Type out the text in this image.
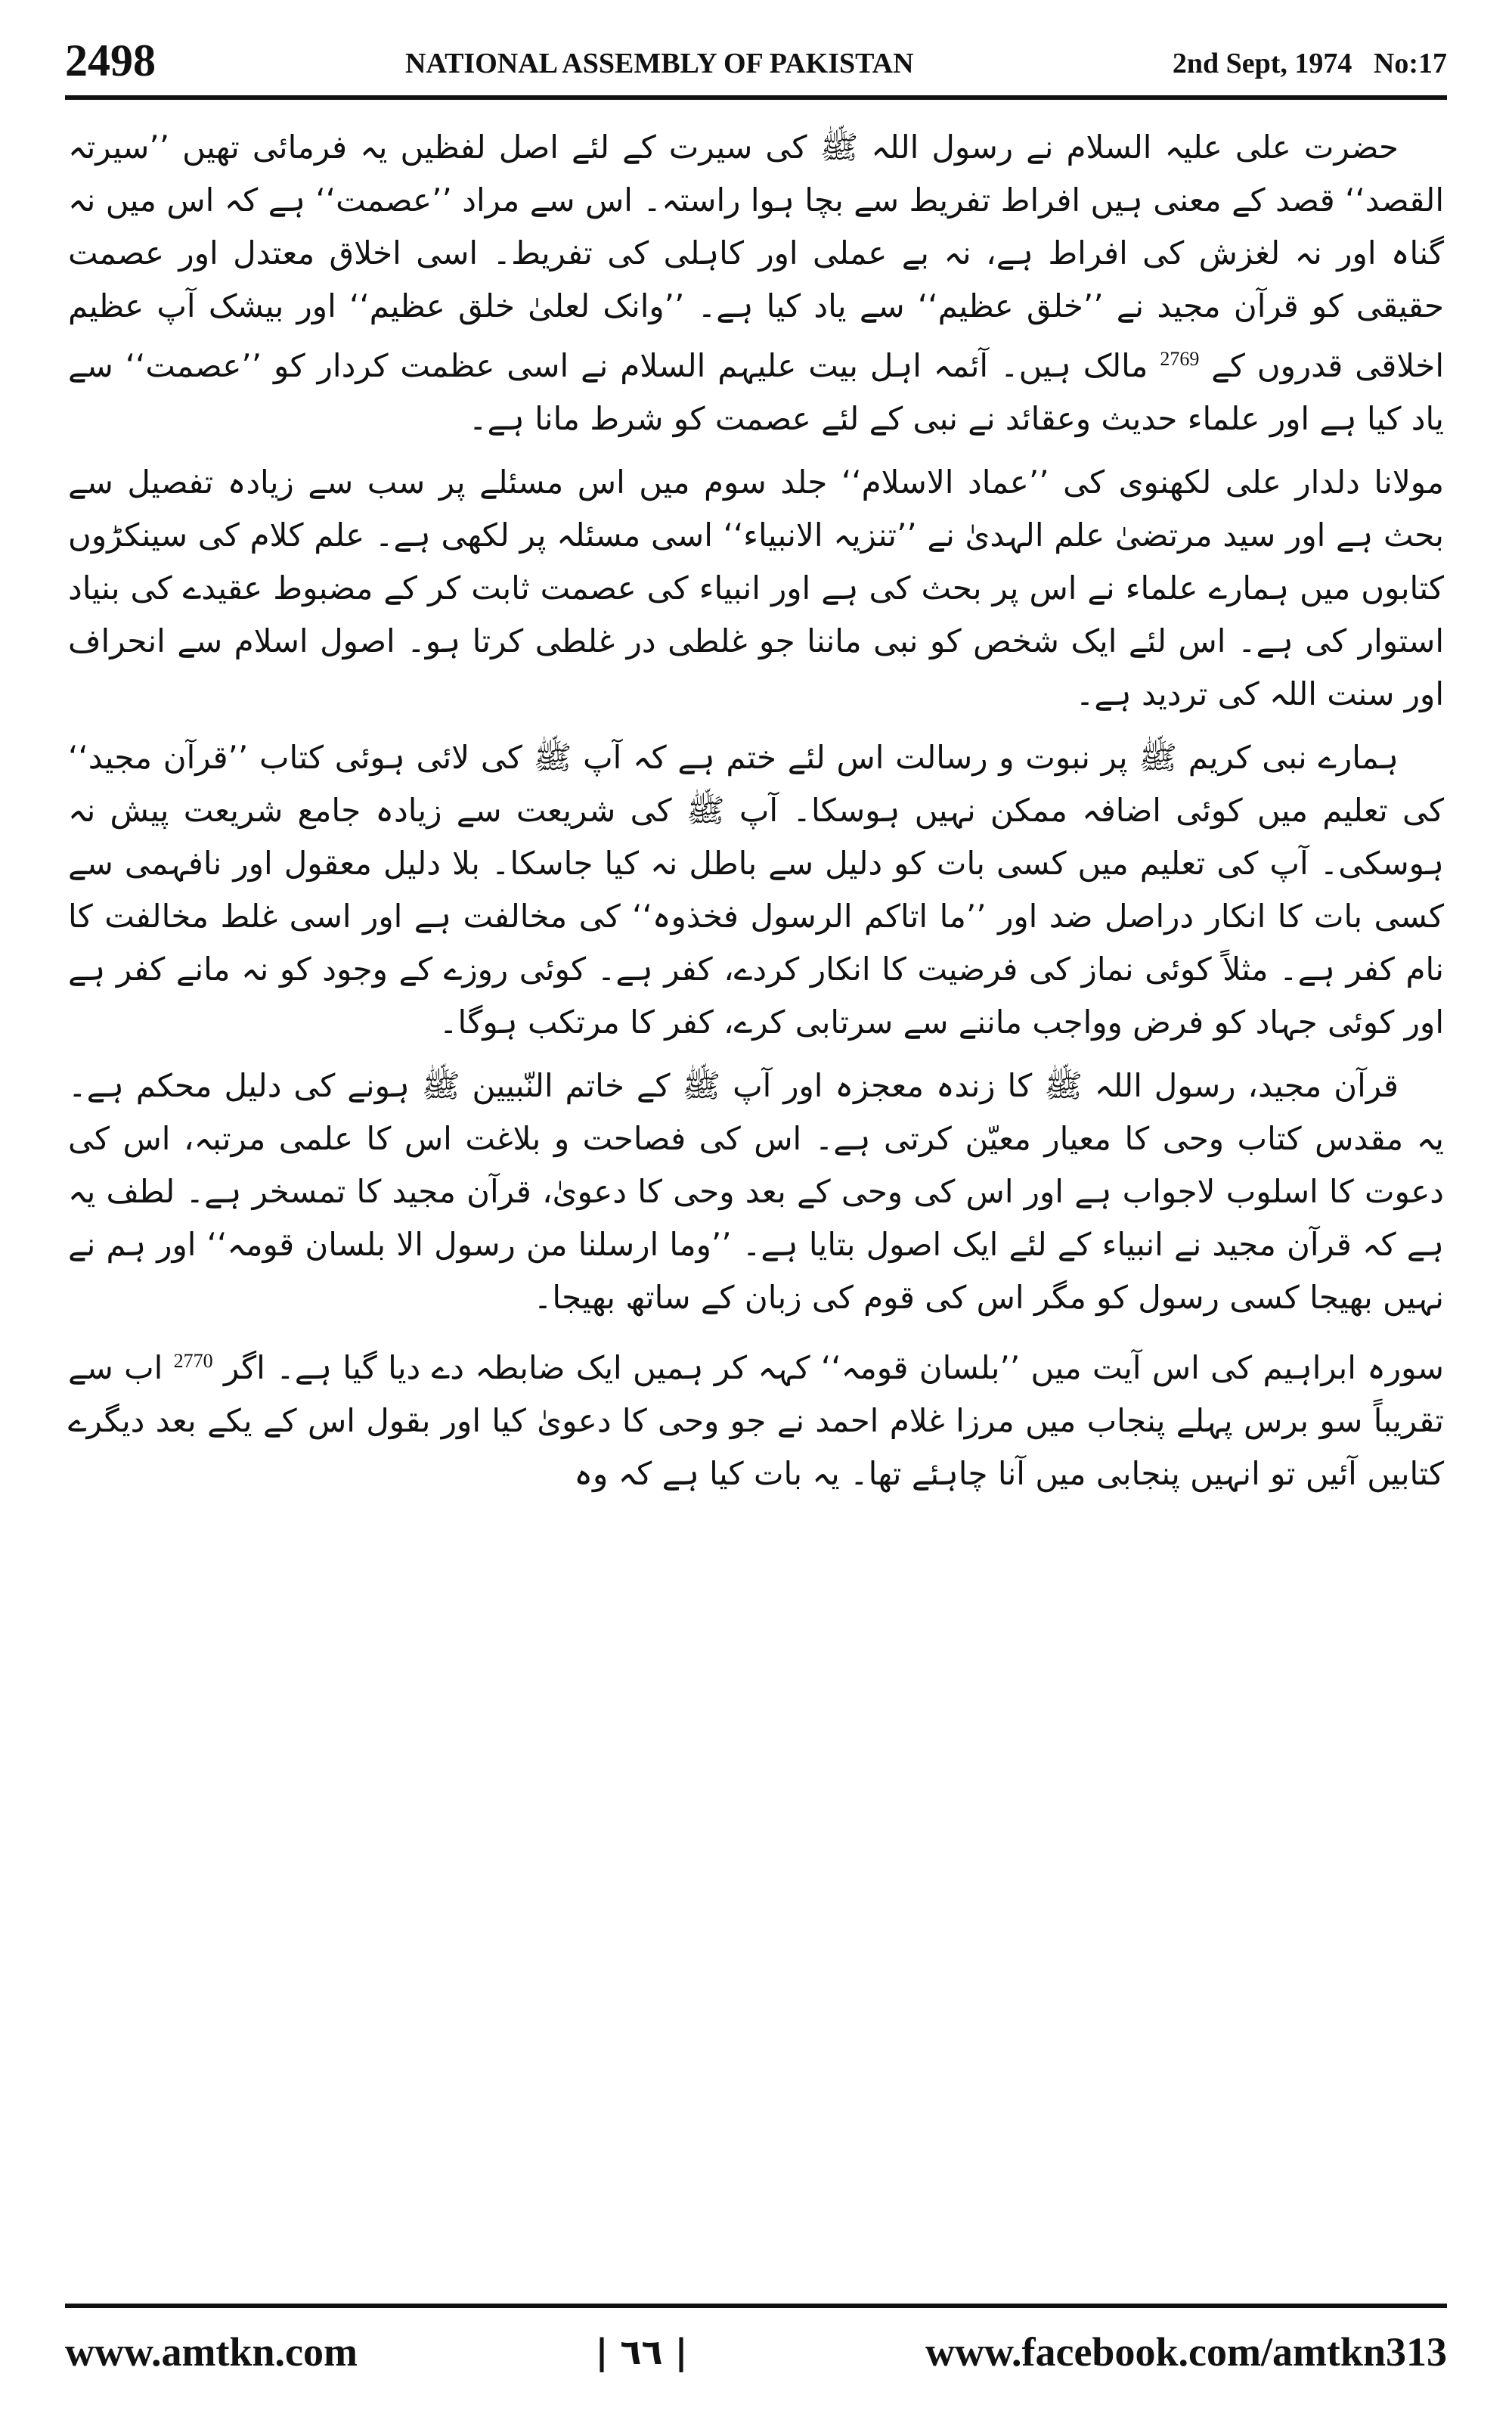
2498	NATIONAL ASSEMBLY OF PAKISTAN	2nd Sept, 1974 No:17

حضرت علی علیہ السلام نے رسول اللہ ﷺ کی سیرت کے لئے اصل لفظیں یہ فرمائی تھیں ’’سیرتہ القصد‘‘ قصد کے معنی ہیں افراط تفریط سے بچا ہوا راستہ۔ اس سے مراد ’’عصمت‘‘ ہے کہ اس میں نہ گناہ اور نہ لغزش کی افراط ہے، نہ بے عملی اور کاہلی کی تفریط۔ اسی اخلاق معتدل اور عصمت حقیقی کو قرآن مجید نے ’’خلق عظیم‘‘ سے یاد کیا ہے۔ ’’وانک لعلیٰ خلق عظیم‘‘ اور بیشک آپ عظیم اخلاقی قدروں کے $^{2769}$ مالک ہیں۔ آئمہ اہل بیت علیہم السلام نے اسی عظمت کردار کو ’’عصمت‘‘ سے یاد کیا ہے اور علماء حدیث وعقائد نے نبی کے لئے عصمت کو شرط مانا ہے۔

مولانا دلدار علی لکھنوی کی ’’عماد الاسلام‘‘ جلد سوم میں اس مسئلے پر سب سے زیادہ تفصیل سے بحث ہے اور سید مرتضیٰ علم الہدیٰ نے ’’تنزیہ الانبیاء‘‘ اسی مسئلہ پر لکھی ہے۔ علم کلام کی سینکڑوں کتابوں میں ہمارے علماء نے اس پر بحث کی ہے اور انبیاء کی عصمت ثابت کر کے مضبوط عقیدے کی بنیاد استوار کی ہے۔ اس لئے ایک شخص کو نبی ماننا جو غلطی در غلطی کرتا ہو۔ اصول اسلام سے انحراف اور سنت اللہ کی تردید ہے۔

ہمارے نبی کریم ﷺ پر نبوت و رسالت اس لئے ختم ہے کہ آپ ﷺ کی لائی ہوئی کتاب ’’قرآن مجید‘‘ کی تعلیم میں کوئی اضافہ ممکن نہیں ہوسکا۔ آپ ﷺ کی شریعت سے زیادہ جامع شریعت پیش نہ ہوسکی۔ آپ کی تعلیم میں کسی بات کو دلیل سے باطل نہ کیا جاسکا۔ بلا دلیل معقول اور نافہمی سے کسی بات کا انکار دراصل ضد اور ’’ما اتاکم الرسول فخذوہ‘‘ کی مخالفت ہے اور اسی غلط مخالفت کا نام کفر ہے۔ مثلاً کوئی نماز کی فرضیت کا انکار کردے، کفر ہے۔ کوئی روزے کے وجود کو نہ مانے کفر ہے اور کوئی جہاد کو فرض وواجب ماننے سے سرتابی کرے، کفر کا مرتکب ہوگا۔

قرآن مجید، رسول اللہ ﷺ کا زندہ معجزہ اور آپ ﷺ کے خاتم النّبیین ﷺ ہونے کی دلیل محکم ہے۔ یہ مقدس کتاب وحی کا معیار معیّن کرتی ہے۔ اس کی فصاحت و بلاغت اس کا علمی مرتبہ، اس کی دعوت کا اسلوب لاجواب ہے اور اس کی وحی کے بعد وحی کا دعویٰ، قرآن مجید کا تمسخر ہے۔ لطف یہ ہے کہ قرآن مجید نے انبیاء کے لئے ایک اصول بتایا ہے۔ ’’وما ارسلنا من رسول الا بلسان قومہ‘‘ اور ہم نے نہیں بھیجا کسی رسول کو مگر اس کی قوم کی زبان کے ساتھ بھیجا۔

سورہ ابراہیم کی اس آیت میں ’’بلسان قومہ‘‘ کہہ کر ہمیں ایک ضابطہ دے دیا گیا ہے۔ اگر $^{2770}$ اب سے تقریباً سو برس پہلے پنجاب میں مرزا غلام احمد نے جو وحی کا دعویٰ کیا اور بقول اس کے یکے بعد دیگرے کتابیں آئیں تو انہیں پنجابی میں آنا چاہئے تھا۔ یہ بات کیا ہے کہ وہ

www.amtkn.com	| ٦٦ |	www.facebook.com/amtkn313
